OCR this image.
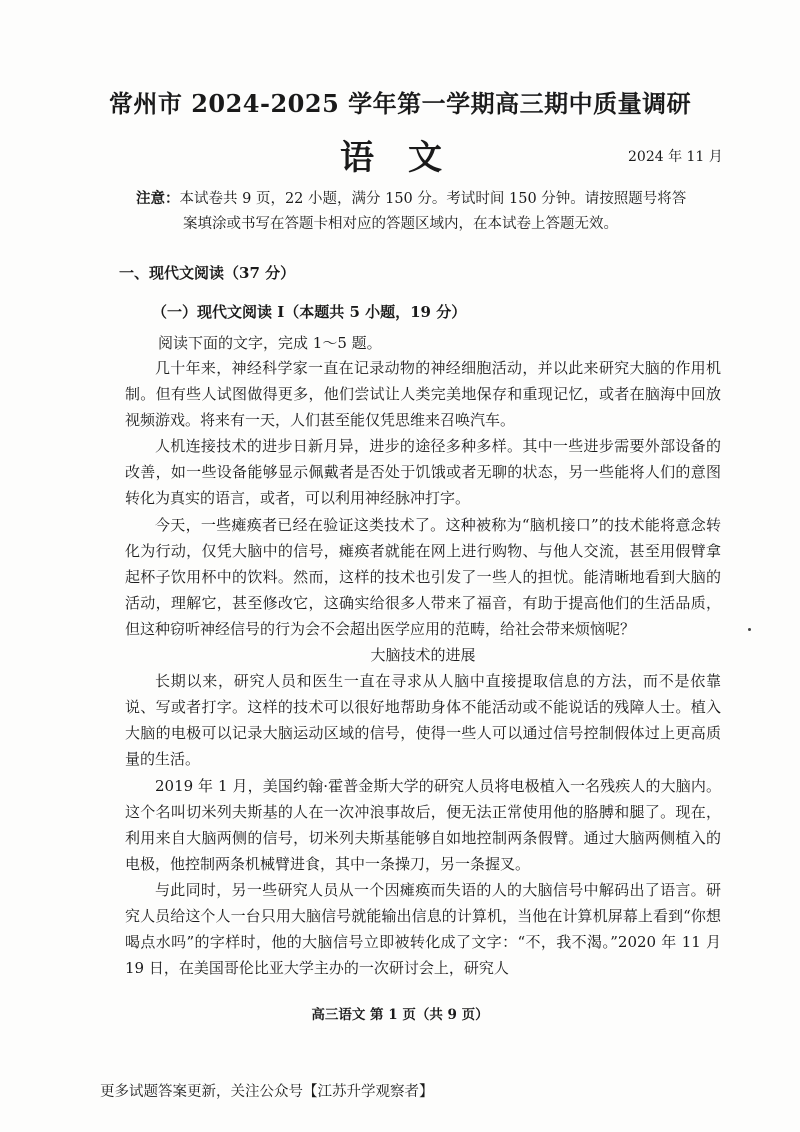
常州市 2024-2025 学年第一学期高三期中质量调研
语文	2024 年 11 月
注意：本试卷共 9 页，22 小题，满分 150 分。考试时间 150 分钟。请按照题号将答
案填涂或书写在答题卡相对应的答题区域内，在本试卷上答题无效。
一、现代文阅读（37 分）
（一）现代文阅读 I（本题共 5 小题，19 分）
阅读下面的文字，完成 1～5 题。

几十年来，神经科学家一直在记录动物的神经细胞活动，并以此来研究大脑的作用机制。但有些人试图做得更多，他们尝试让人类完美地保存和重现记忆，或者在脑海中回放视频游戏。将来有一天，人们甚至能仅凭思维来召唤汽车。

人机连接技术的进步日新月异，进步的途径多种多样。其中一些进步需要外部设备的改善，如一些设备能够显示佩戴者是否处于饥饿或者无聊的状态，另一些能将人们的意图转化为真实的语言，或者，可以利用神经脉冲打字。

今天，一些瘫痪者已经在验证这类技术了。这种被称为“脑机接口”的技术能将意念转化为行动，仅凭大脑中的信号，瘫痪者就能在网上进行购物、与他人交流，甚至用假臂拿起杯子饮用杯中的饮料。然而，这样的技术也引发了一些人的担忧。能清晰地看到大脑的活动，理解它，甚至修改它，这确实给很多人带来了福音，有助于提高他们的生活品质，但这种窃听神经信号的行为会不会超出医学应用的范畴，给社会带来烦恼呢？

大脑技术的进展

长期以来，研究人员和医生一直在寻求从人脑中直接提取信息的方法，而不是依靠说、写或者打字。这样的技术可以很好地帮助身体不能活动或不能说话的残障人士。植入大脑的电极可以记录大脑运动区域的信号，使得一些人可以通过信号控制假体过上更高质量的生活。

2019 年 1 月，美国约翰·霍普金斯大学的研究人员将电极植入一名残疾人的大脑内。这个名叫切米列夫斯基的人在一次冲浪事故后，便无法正常使用他的胳膊和腿了。现在，利用来自大脑两侧的信号，切米列夫斯基能够自如地控制两条假臂。通过大脑两侧植入的电极，他控制两条机械臂进食，其中一条操刀，另一条握叉。

与此同时，另一些研究人员从一个因瘫痪而失语的人的大脑信号中解码出了语言。研究人员给这个人一台只用大脑信号就能输出信息的计算机，当他在计算机屏幕上看到“你想喝点水吗”的字样时，他的大脑信号立即被转化成了文字：“不，我不渴。”2020 年 11 月 19 日，在美国哥伦比亚大学主办的一次研讨会上，研究人

高三语文 第 1 页（共 9 页）
更多试题答案更新，关注公众号【江苏升学观察者】
